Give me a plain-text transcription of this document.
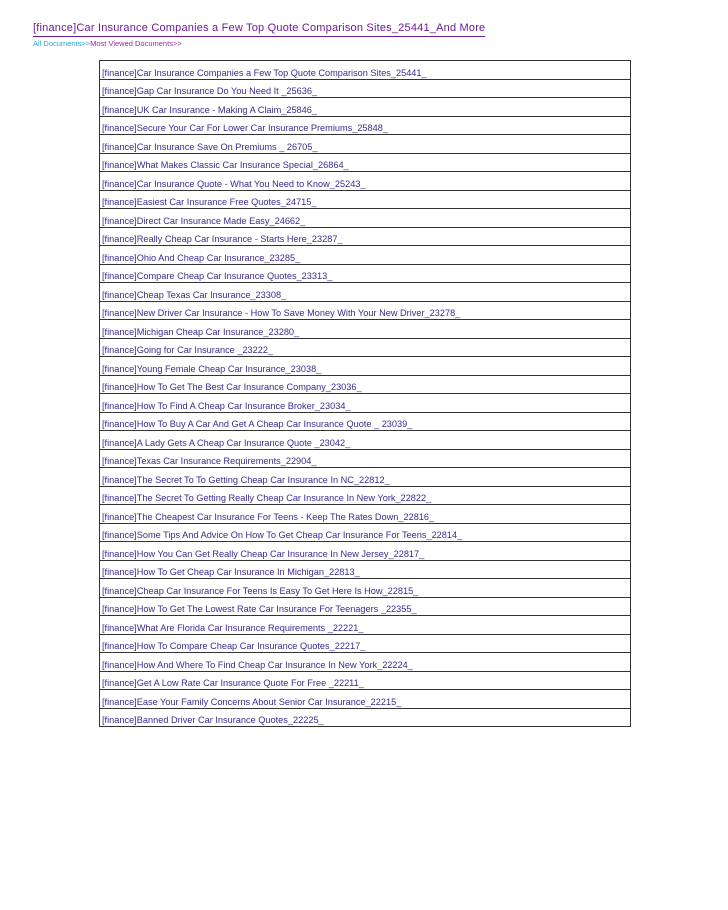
[finance]Car Insurance Companies a Few Top Quote Comparison Sites_25441_And More
All Documents>>Most Viewed Documents>>
[finance]Car Insurance Companies a Few Top Quote Comparison Sites_25441_
[finance]Gap Car Insurance Do You Need It _25636_
[finance]UK Car Insurance - Making A Claim_25846_
[finance]Secure Your Car For Lower Car Insurance Premiums_25848_
[finance]Car Insurance Save On Premiums _ 26705_
[finance]What Makes Classic Car Insurance Special_26864_
[finance]Car Insurance Quote - What You Need to Know_25243_
[finance]Easiest Car Insurance Free Quotes_24715_
[finance]Direct Car Insurance Made Easy_24662_
[finance]Really Cheap Car Insurance - Starts Here_23287_
[finance]Ohio And Cheap Car Insurance_23285_
[finance]Compare Cheap Car Insurance Quotes_23313_
[finance]Cheap Texas Car Insurance_23308_
[finance]New Driver Car Insurance - How To Save Money With Your New Driver_23278_
[finance]Michigan Cheap Car Insurance_23280_
[finance]Going for Car Insurance _23222_
[finance]Young Female Cheap Car Insurance_23038_
[finance]How To Get The Best Car Insurance Company_23036_
[finance]How To Find A Cheap Car Insurance Broker_23034_
[finance]How To Buy A Car And Get A Cheap Car Insurance Quote _ 23039_
[finance]A Lady Gets A Cheap Car Insurance Quote _23042_
[finance]Texas Car Insurance Requirements_22904_
[finance]The Secret To To Getting Cheap Car Insurance In NC_22812_
[finance]The Secret To Getting Really Cheap Car Insurance In New York_22822_
[finance]The Cheapest Car Insurance For Teens - Keep The Rates Down_22816_
[finance]Some Tips And Advice On How To Get Cheap Car Insurance For Teens_22814_
[finance]How You Can Get Really Cheap Car Insurance In New Jersey_22817_
[finance]How To Get Cheap Car Insurance In Michigan_22813_
[finance]Cheap Car Insurance For Teens Is Easy To Get Here Is How_22815_
[finance]How To Get The Lowest Rate Car Insurance For Teenagers _22355_
[finance]What Are Florida Car Insurance Requirements _22221_
[finance]How To Compare Cheap Car Insurance Quotes_22217_
[finance]How And Where To Find Cheap Car Insurance In New York_22224_
[finance]Get A Low Rate Car Insurance Quote For Free _22211_
[finance]Ease Your Family Concerns About Senior Car Insurance_22215_
[finance]Banned Driver Car Insurance Quotes_22225_
